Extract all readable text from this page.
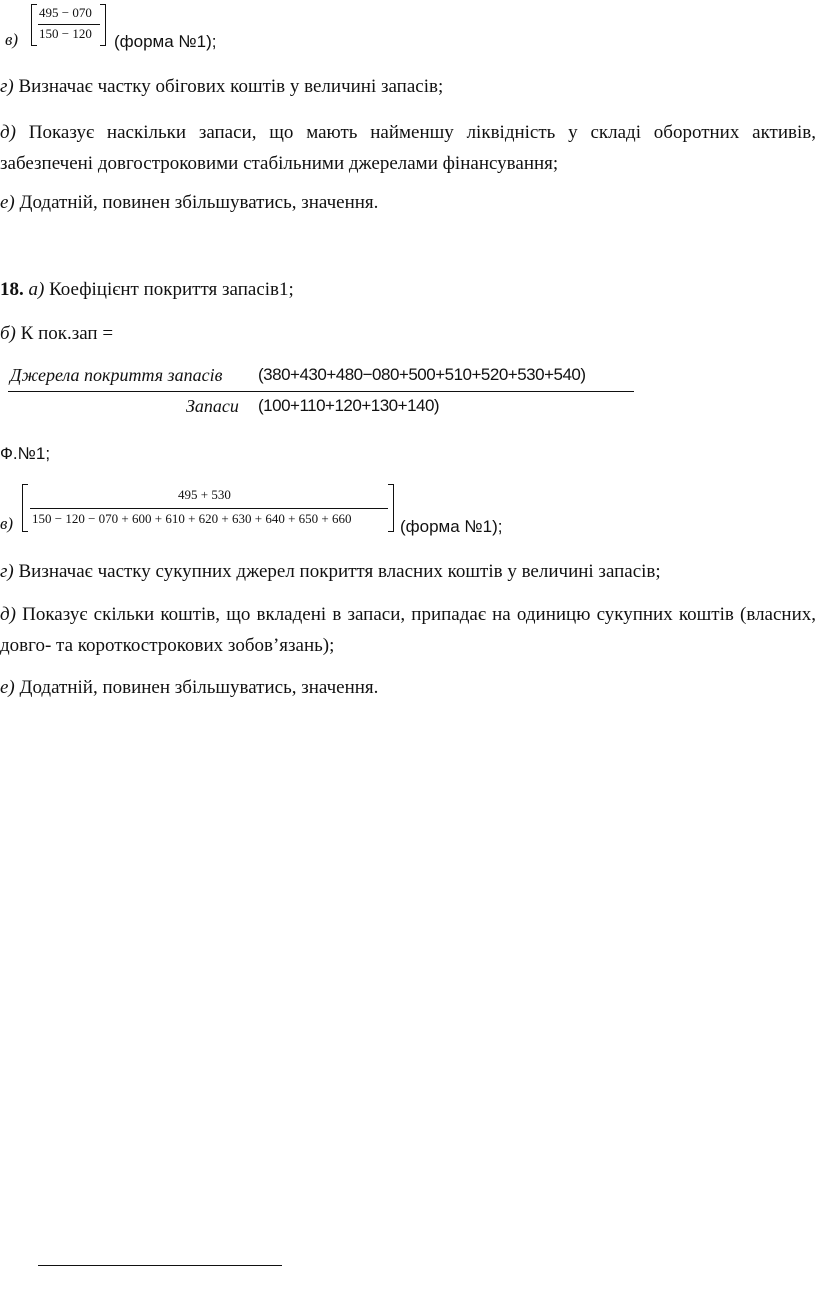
в)
495 − 070
150 − 120 (форма №1);

г) Визначає частку обігових коштів у величині запасів;

д) Показує наскільки запаси, що мають найменшу ліквідність у складі оборотних активів, забезпечені довгостроковими стабільними джерелами фінансування;

е) Додатній, повинен збільшуватись, значення.

18. а) Коефіцієнт покриття запасів1;

б) К пок.зап =

Джерела покриття запасів (380+430+480−080+500+510+520+530+540)
Запаси (100+110+120+130+140)

Ф.№1;

в)
495 + 530
150 − 120 − 070 + 600 + 610 + 620 + 630 + 640 + 650 + 660	(форма №1);

г) Визначає частку сукупних джерел покриття власних коштів у величині запасів;

д) Показує скільки коштів, що вкладені в запаси, припадає на одиницю сукупних коштів (власних, довго- та короткострокових зобов’язань);

е) Додатній, повинен збільшуватись, значення.
